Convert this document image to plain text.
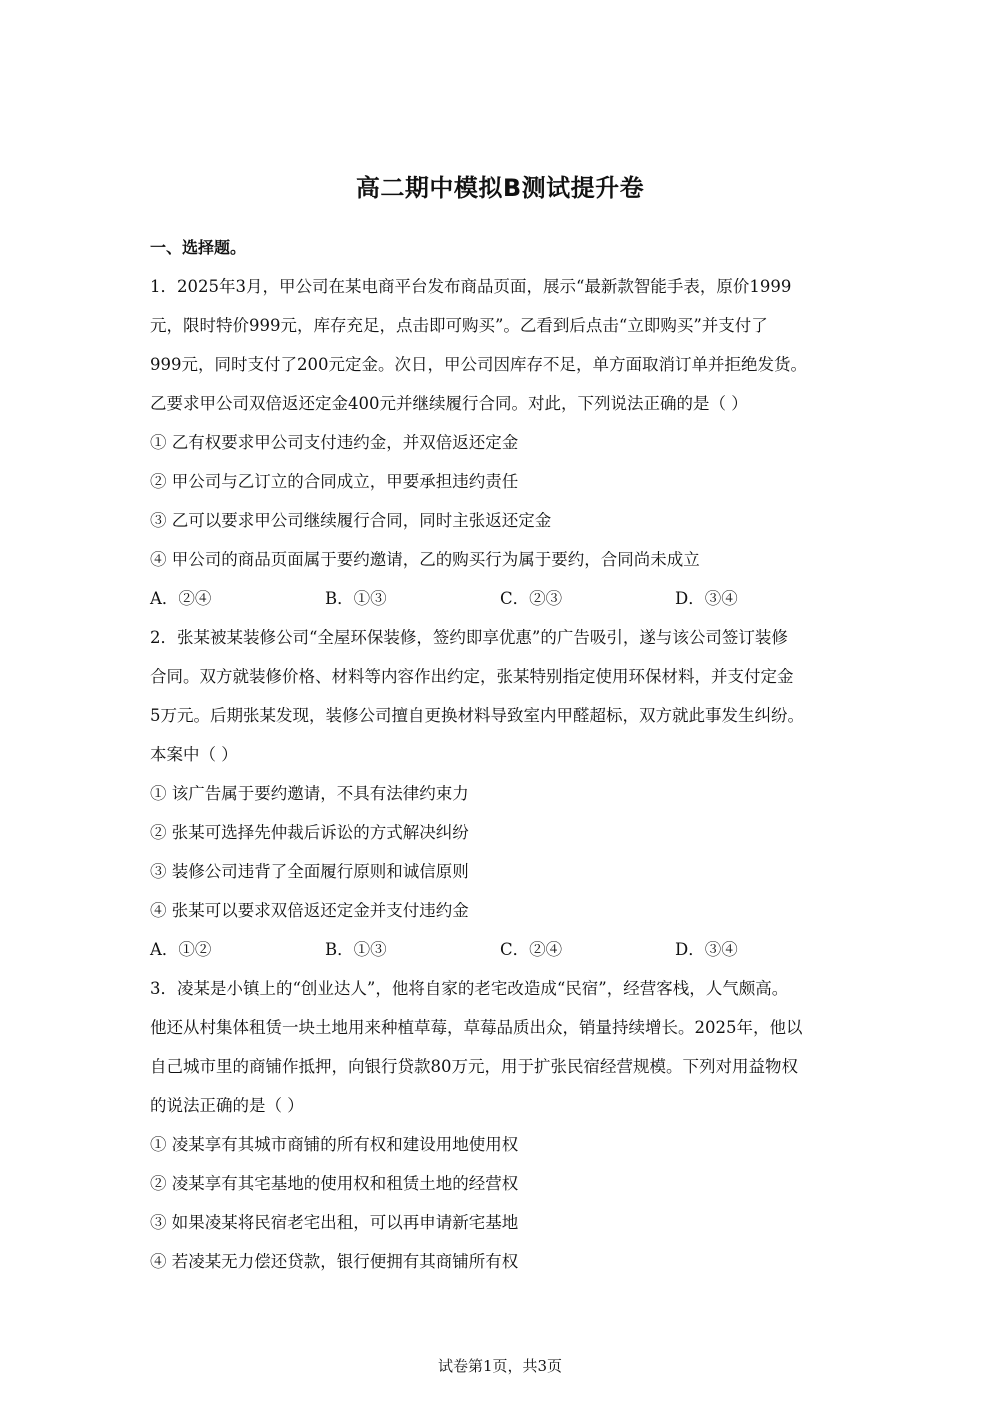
高二期中模拟B测试提升卷
一、选择题。

1．2025年3月，甲公司在某电商平台发布商品页面，展示“最新款智能手表，原价1999

元，限时特价999元，库存充足，点击即可购买”。乙看到后点击“立即购买”并支付了

999元，同时支付了200元定金。次日，甲公司因库存不足，单方面取消订单并拒绝发货。

乙要求甲公司双倍返还定金400元并继续履行合同。对此，下列说法正确的是（ ）

① 乙有权要求甲公司支付违约金，并双倍返还定金

② 甲公司与乙订立的合同成立，甲要承担违约责任

③ 乙可以要求甲公司继续履行合同，同时主张返还定金

④ 甲公司的商品页面属于要约邀请，乙的购买行为属于要约，合同尚未成立

A．②④	B．①③	C．②③	D．③④

2．张某被某装修公司“全屋环保装修，签约即享优惠”的广告吸引，遂与该公司签订装修

合同。双方就装修价格、材料等内容作出约定，张某特别指定使用环保材料，并支付定金

5万元。后期张某发现，装修公司擅自更换材料导致室内甲醛超标，双方就此事发生纠纷。

本案中（ ）

① 该广告属于要约邀请，不具有法律约束力

② 张某可选择先仲裁后诉讼的方式解决纠纷

③ 装修公司违背了全面履行原则和诚信原则

④ 张某可以要求双倍返还定金并支付违约金

A．①②	B．①③	C．②④	D．③④

3．凌某是小镇上的“创业达人”，他将自家的老宅改造成“民宿”，经营客栈，人气颇高。

他还从村集体租赁一块土地用来种植草莓，草莓品质出众，销量持续增长。2025年，他以

自己城市里的商铺作抵押，向银行贷款80万元，用于扩张民宿经营规模。下列对用益物权

的说法正确的是（ ）

① 凌某享有其城市商铺的所有权和建设用地使用权

② 凌某享有其宅基地的使用权和租赁土地的经营权

③ 如果凌某将民宿老宅出租，可以再申请新宅基地

④ 若凌某无力偿还贷款，银行便拥有其商铺所有权

试卷第1页，共3页
